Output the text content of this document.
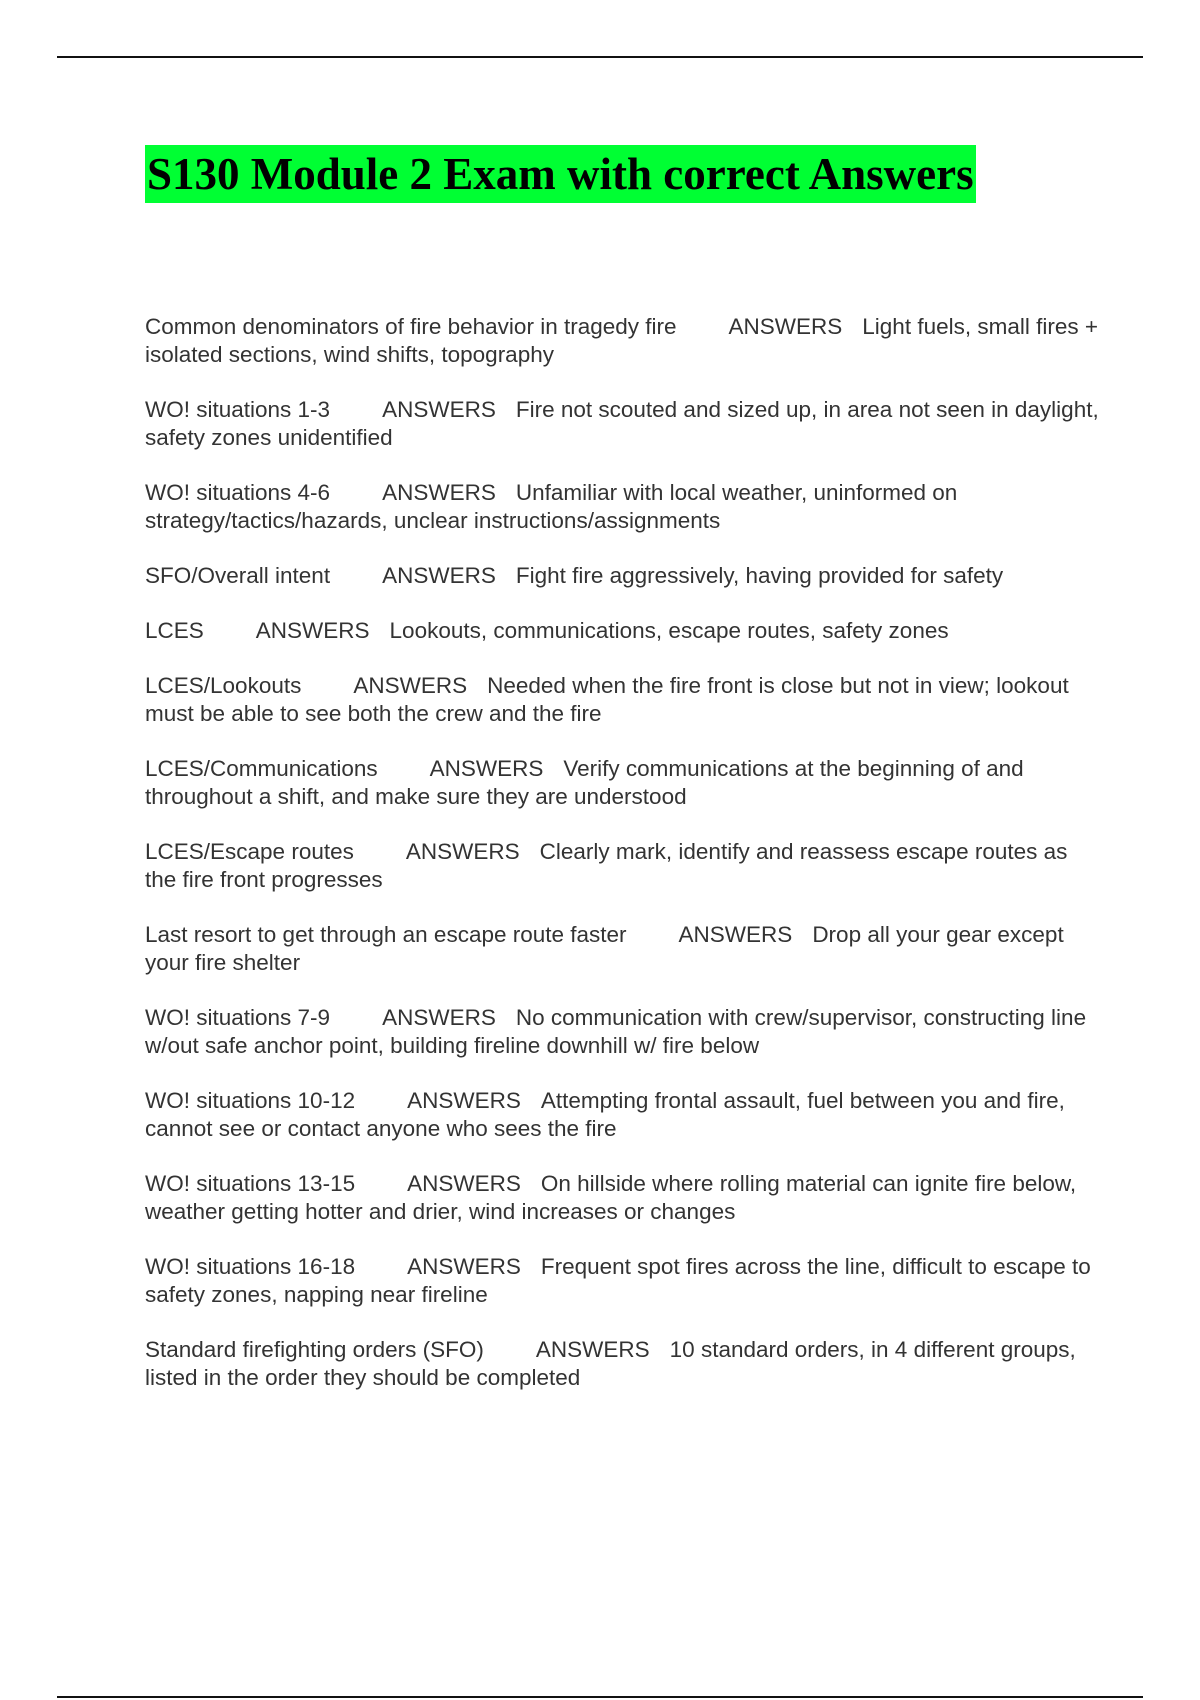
S130 Module 2 Exam with correct Answers

Common denominators of fire behavior in tragedy fire ANSWERS Light fuels, small fires + isolated sections, wind shifts, topography

WO! situations 1-3 ANSWERS Fire not scouted and sized up, in area not seen in daylight, safety zones unidentified

WO! situations 4-6 ANSWERS Unfamiliar with local weather, uninformed on strategy/tactics/hazards, unclear instructions/assignments

SFO/Overall intent ANSWERS Fight fire aggressively, having provided for safety

LCES ANSWERS Lookouts, communications, escape routes, safety zones

LCES/Lookouts ANSWERS Needed when the fire front is close but not in view; lookout must be able to see both the crew and the fire

LCES/Communications ANSWERS Verify communications at the beginning of and throughout a shift, and make sure they are understood

LCES/Escape routes ANSWERS Clearly mark, identify and reassess escape routes as the fire front progresses

Last resort to get through an escape route faster ANSWERS Drop all your gear except your fire shelter

WO! situations 7-9 ANSWERS No communication with crew/supervisor, constructing line w/out safe anchor point, building fireline downhill w/ fire below

WO! situations 10-12 ANSWERS Attempting frontal assault, fuel between you and fire, cannot see or contact anyone who sees the fire

WO! situations 13-15 ANSWERS On hillside where rolling material can ignite fire below, weather getting hotter and drier, wind increases or changes

WO! situations 16-18 ANSWERS Frequent spot fires across the line, difficult to escape to safety zones, napping near fireline

Standard firefighting orders (SFO) ANSWERS 10 standard orders, in 4 different groups, listed in the order they should be completed
